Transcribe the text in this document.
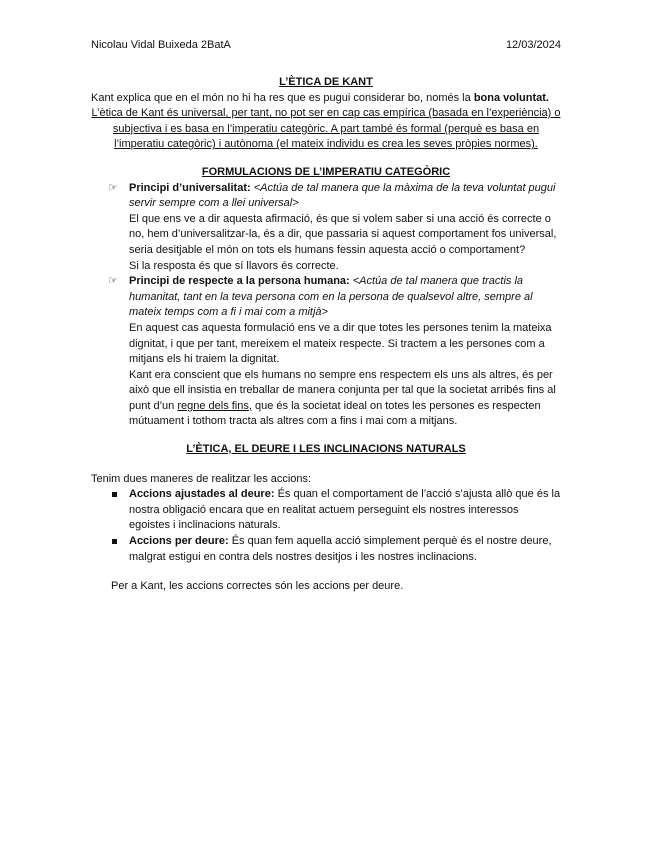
Nicolau Vidal Buixeda 2BatA	12/03/2024
L’ÈTICA DE KANT
Kant explica que en el món no hi ha res que es pugui considerar bo, només la bona voluntat.
L’ètica de Kant és universal, per tant, no pot ser en cap cas empírica (basada en l’experiència) o subjectiva i es basa en l’imperatiu categòric. A part també és formal (perquè es basa en l’imperatiu categòric) i autònoma (el mateix individu es crea les seves pròpies normes).
FORMULACIONS DE L’IMPERATIU CATEGÒRIC
☞ Principi d’universalitat: <Actúa de tal manera que la màxima de la teva voluntat pugui servir sempre com a llei universal>
El que ens ve a dir aquesta afirmació, és que si volem saber si una acció és correcte o no, hem d’universalitzar-la, és a dir, que passaria si aquest comportament fos universal, seria desitjable el món on tots els humans fessin aquesta acció o comportament?
Si la resposta és que sí llavors és correcte.
☞ Principi de respecte a la persona humana: <Actúa de tal manera que tractis la humanitat, tant en la teva persona com en la persona de qualsevol altre, sempre al mateix temps com a fi i mai com a mitjà>
En aquest cas aquesta formulació ens ve a dir que totes les persones tenim la mateixa dignitat, i que per tant, mereixem el mateix respecte. Si tractem a les persones com a mitjans els hi traiem la dignitat.
Kant era conscient que els humans no sempre ens respectem els uns als altres, és per això que ell insistia en treballar de manera conjunta per tal que la societat arribés fins al punt d’un regne dels fins, que és la societat ideal on totes les persones es respecten mútuament i tothom tracta als altres com a fins i mai com a mitjans.
L’ÈTICA, EL DEURE I LES INCLINACIONS NATURALS
Tenim dues maneres de realitzar les accions:
Accions ajustades al deure: És quan el comportament de l’acció s’ajusta allò que és la nostra obligació encara que en realitat actuem perseguint els nostres interessos egoistes i inclinacions naturals.
Accions per deure: És quan fem aquella acció simplement perquè és el nostre deure, malgrat estigui en contra dels nostres desitjos i les nostres inclinacions.
Per a Kant, les accions correctes són les accions per deure.
